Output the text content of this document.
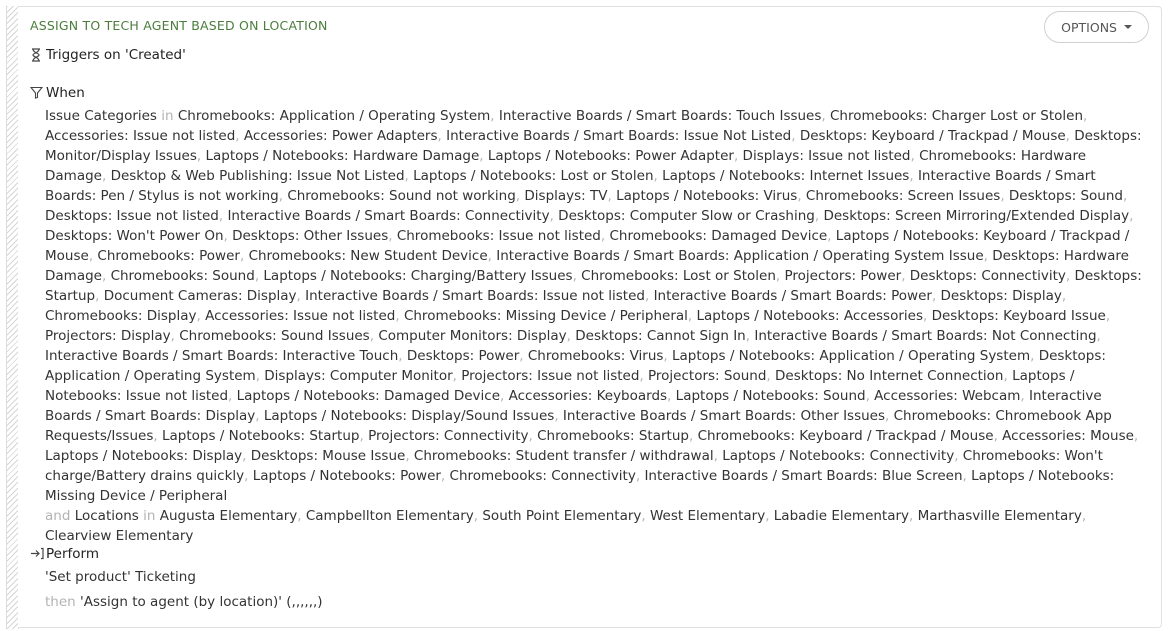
ASSIGN TO TECH AGENT BASED ON LOCATION	OPTIONS
Triggers on 'Created'
When
Issue Categories in Chromebooks: Application / Operating System, Interactive Boards / Smart Boards: Touch Issues, Chromebooks: Charger Lost or Stolen, Accessories: Issue not listed, Accessories: Power Adapters, Interactive Boards / Smart Boards: Issue Not Listed, Desktops: Keyboard / Trackpad / Mouse, Desktops: Monitor/Display Issues, Laptops / Notebooks: Hardware Damage, Laptops / Notebooks: Power Adapter, Displays: Issue not listed, Chromebooks: Hardware Damage, Desktop & Web Publishing: Issue Not Listed, Laptops / Notebooks: Lost or Stolen, Laptops / Notebooks: Internet Issues, Interactive Boards / Smart Boards: Pen / Stylus is not working, Chromebooks: Sound not working, Displays: TV, Laptops / Notebooks: Virus, Chromebooks: Screen Issues, Desktops: Sound, Desktops: Issue not listed, Interactive Boards / Smart Boards: Connectivity, Desktops: Computer Slow or Crashing, Desktops: Screen Mirroring/Extended Display, Desktops: Won't Power On, Desktops: Other Issues, Chromebooks: Issue not listed, Chromebooks: Damaged Device, Laptops / Notebooks: Keyboard / Trackpad / Mouse, Chromebooks: Power, Chromebooks: New Student Device, Interactive Boards / Smart Boards: Application / Operating System Issue, Desktops: Hardware Damage, Chromebooks: Sound, Laptops / Notebooks: Charging/Battery Issues, Chromebooks: Lost or Stolen, Projectors: Power, Desktops: Connectivity, Desktops: Startup, Document Cameras: Display, Interactive Boards / Smart Boards: Issue not listed, Interactive Boards / Smart Boards: Power, Desktops: Display, Chromebooks: Display, Accessories: Issue not listed, Chromebooks: Missing Device / Peripheral, Laptops / Notebooks: Accessories, Desktops: Keyboard Issue, Projectors: Display, Chromebooks: Sound Issues, Computer Monitors: Display, Desktops: Cannot Sign In, Interactive Boards / Smart Boards: Not Connecting, Interactive Boards / Smart Boards: Interactive Touch, Desktops: Power, Chromebooks: Virus, Laptops / Notebooks: Application / Operating System, Desktops: Application / Operating System, Displays: Computer Monitor, Projectors: Issue not listed, Projectors: Sound, Desktops: No Internet Connection, Laptops / Notebooks: Issue not listed, Laptops / Notebooks: Damaged Device, Accessories: Keyboards, Laptops / Notebooks: Sound, Accessories: Webcam, Interactive Boards / Smart Boards: Display, Laptops / Notebooks: Display/Sound Issues, Interactive Boards / Smart Boards: Other Issues, Chromebooks: Chromebook App Requests/Issues, Laptops / Notebooks: Startup, Projectors: Connectivity, Chromebooks: Startup, Chromebooks: Keyboard / Trackpad / Mouse, Accessories: Mouse, Laptops / Notebooks: Display, Desktops: Mouse Issue, Chromebooks: Student transfer / withdrawal, Laptops / Notebooks: Connectivity, Chromebooks: Won't charge/Battery drains quickly, Laptops / Notebooks: Power, Chromebooks: Connectivity, Interactive Boards / Smart Boards: Blue Screen, Laptops / Notebooks: Missing Device / Peripheral
and Locations in Augusta Elementary, Campbellton Elementary, South Point Elementary, West Elementary, Labadie Elementary, Marthasville Elementary, Clearview Elementary
Perform
'Set product' Ticketing
then 'Assign to agent (by location)' (,,,,,,)
